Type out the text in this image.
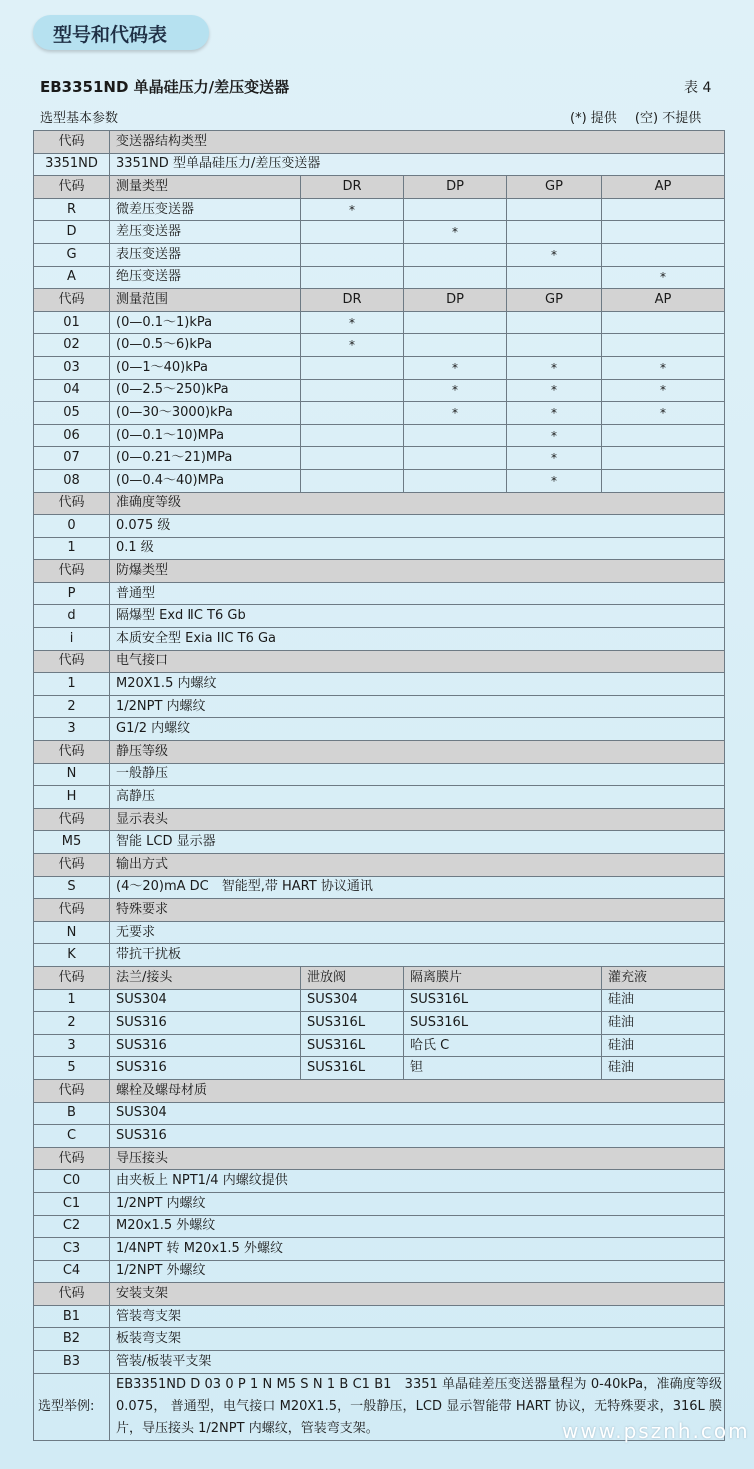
型号和代码表
EB3351ND 单晶硅压力/差压变送器	表 4
选型基本参数	(*) 提供 (空) 不提供
代码	变送器结构类型				
3351ND	3351ND 型单晶硅压力/差压变送器				
代码	测量类型	DR	DP	GP	AP
R	微差压变送器	*			
D	差压变送器		*		
G	表压变送器			*	
A	绝压变送器				*
代码	测量范围	DR	DP	GP	AP
01	(0—0.1～1)kPa	*			
02	(0—0.5～6)kPa	*			
03	(0—1～40)kPa		*	*	*
04	(0—2.5～250)kPa		*	*	*
05	(0—30～3000)kPa		*	*	*
06	(0—0.1～10)MPa			*	
07	(0—0.21～21)MPa			*	
08	(0—0.4～40)MPa			*	
代码	准确度等级				
0	0.075 级				
1	0.1 级				
代码	防爆类型				
P	普通型				
d	隔爆型 Exd ⅡC T6 Gb				
i	本质安全型 Exia IIC T6 Ga				
代码	电气接口				
1	M20X1.5 内螺纹				
2	1/2NPT 内螺纹				
3	G1/2 内螺纹				
代码	静压等级				
N	一般静压				
H	高静压				
代码	显示表头				
M5	智能 LCD 显示器				
代码	输出方式				
S	(4～20)mA DC　智能型,带 HART 协议通讯				
代码	特殊要求				
N	无要求				
K	带抗干扰板				
代码	法兰/接头	泄放阀	隔离膜片		灌充液
1	SUS304	SUS304	SUS316L		硅油
2	SUS316	SUS316L	SUS316L		硅油
3	SUS316	SUS316L	哈氏 C		硅油
5	SUS316	SUS316L	钽		硅油
代码	螺栓及螺母材质				
B	SUS304				
C	SUS316				
代码	导压接头				
C0	由夹板上 NPT1/4 内螺纹提供				
C1	1/2NPT 内螺纹				
C2	M20x1.5 外螺纹				
C3	1/4NPT 转 M20x1.5 外螺纹				
C4	1/2NPT 外螺纹				
代码	安装支架				
B1	管装弯支架				
B2	板装弯支架				
B3	管装/板装平支架				
选型举例:	EB3351ND D 03 0 P 1 N M5 S N 1 B C1 B1　3351 单晶硅差压变送器量程为 0-40kPa，准确度等级 0.075， 普通型，电气接口 M20X1.5，一般静压，LCD 显示智能带 HART 协议，无特殊要求，316L 膜片，导压接头 1/2NPT 内螺纹，管装弯支架。					www.psznh.com
